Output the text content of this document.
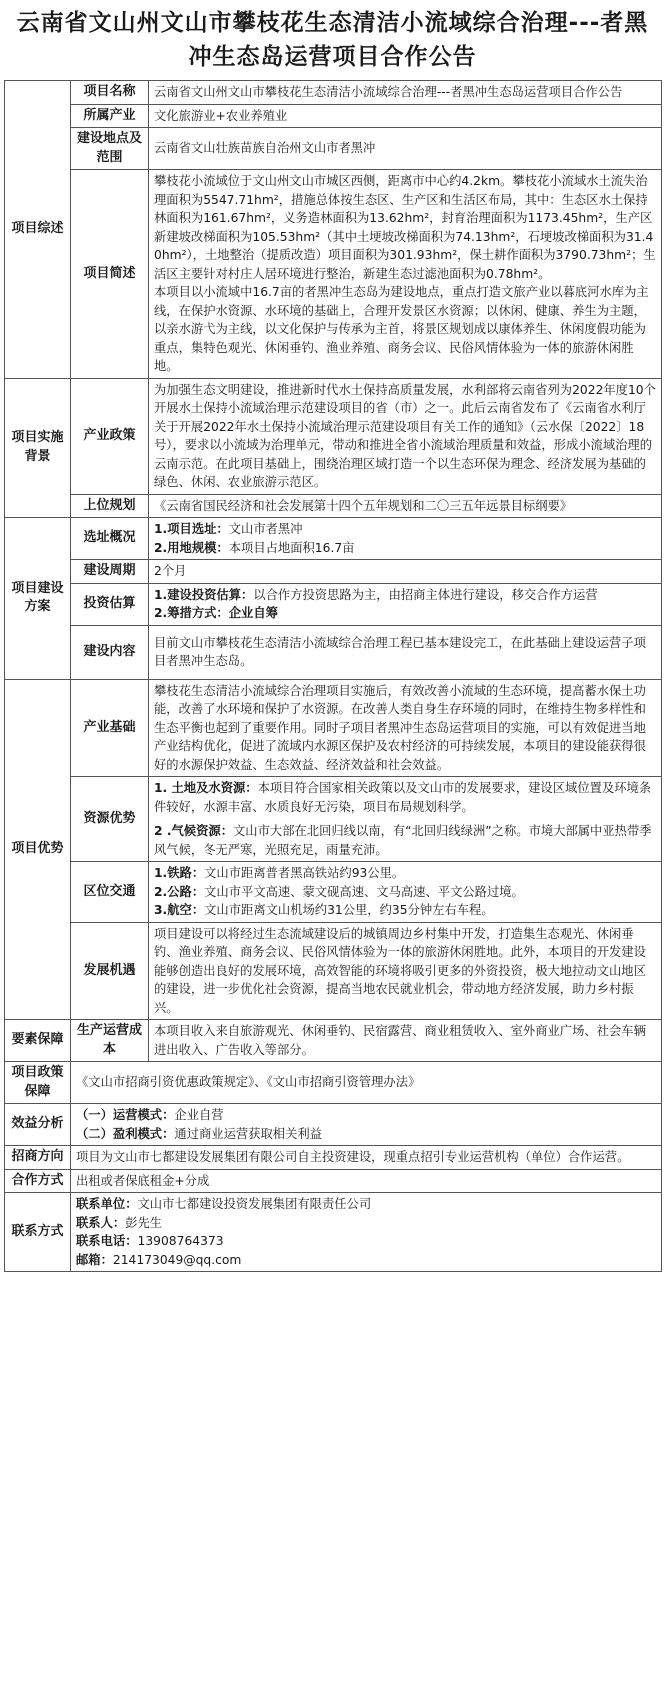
云南省文山州文山市攀枝花生态清洁小流域综合治理---者黑冲生态岛运营项目合作公告
项目综述	项目名称	云南省文山州文山市攀枝花生态清洁小流域综合治理---者黑冲生态岛运营项目合作公告
	所属产业	文化旅游业+农业养殖业
	建设地点及范围	云南省文山壮族苗族自治州文山市者黑冲
	项目简述	攀枝花小流域位于文山州文山市城区西侧，距离市中心约4.2km。攀枝花小流域水土流失治理面积为5547.71hm²，措施总体按生态区、生产区和生活区布局，其中：生态区水土保持林面积为161.67hm²，义务造林面积为13.62hm²，封育治理面积为1173.45hm²，生产区新建坡改梯面积为105.53hm²（其中土埂坡改梯面积为74.13hm²，石埂坡改梯面积为31.40hm²），土地整治（提质改造）项目面积为301.93hm²，保土耕作面积为3790.73hm²；生活区主要针对村庄人居环境进行整治，新建生态过滤池面积为0.78hm²。

本项目以小流域中16.7亩的者黑冲生态岛为建设地点，重点打造文旅产业以暮底河水库为主线，在保护水资源、水环境的基础上，合理开发景区水资源；以休闲、健康、养生为主题，以亲水游弋为主线，以文化保护与传承为主首，将景区规划成以康体养生、休闲度假功能为重点，集特色观光、休闲垂钓、渔业养殖、商务会议、民俗风情体验为一体的旅游休闲胜地。

项目实施背景	产业政策	为加强生态文明建设，推进新时代水土保持高质量发展，水利部将云南省列为2022年度10个开展水土保持小流域治理示范建设项目的省（市）之一。此后云南省发布了《云南省水利厅关于开展2022年水土保持小流域治理示范建设项目有关工作的通知》（云水保〔2022〕18号），要求以小流域为治理单元，带动和推进全省小流域治理质量和效益，形成小流域治理的云南示范。在此项目基础上，围绕治理区域打造一个以生态环保为理念、经济发展为基础的绿色、休闲、农业旅游示范区。
	上位规划	《云南省国民经济和社会发展第十四个五年规划和二〇三五年远景目标纲要》
项目建设方案	选址概况	1.项目选址：文山市者黑冲

2.用地规模：本项目占地面积16.7亩

	建设周期	2个月
	投资估算	1.建设投资估算：以合作方投资思路为主，由招商主体进行建设，移交合作方运营

2.筹措方式：企业自筹

	建设内容	目前文山市攀枝花生态清洁小流域综合治理工程已基本建设完工，在此基础上建设运营子项目者黑冲生态岛。
项目优势	产业基础	攀枝花生态清洁小流域综合治理项目实施后，有效改善小流域的生态环境，提高蓄水保土功能，改善了水环境和保护了水资源。在改善人类自身生存环境的同时，在维持生物多样性和生态平衡也起到了重要作用。同时子项目者黑冲生态岛运营项目的实施，可以有效促进当地产业结构优化，促进了流域内水源区保护及农村经济的可持续发展，本项目的建设能获得很好的水源保护效益、生态效益、经济效益和社会效益。
	资源优势	1. 土地及水资源：本项目符合国家相关政策以及文山市的发展要求，建设区域位置及环境条件较好，水源丰富、水质良好无污染，项目布局规划科学。

2 .气候资源：文山市大部在北回归线以南，有“北回归线绿洲”之称。市境大部属中亚热带季风气候，冬无严寒，光照充足，雨量充沛。

	区位交通	1.铁路：文山市距离普者黑高铁站约93公里。

2.公路：文山市平文高速、蒙文砚高速、文马高速、平文公路过境。

3.航空：文山市距离文山机场约31公里，约35分钟左右车程。

	发展机遇	项目建设可以将经过生态流域建设后的城镇周边乡村集中开发，打造集生态观光、休闲垂钓、渔业养殖、商务会议、民俗风情体验为一体的旅游休闲胜地。此外，本项目的开发建设能够创造出良好的发展环境，高效智能的环境将吸引更多的外资投资，极大地拉动文山地区的建设，进一步优化社会资源，提高当地农民就业机会，带动地方经济发展，助力乡村振兴。
要素保障	生产运营成本	本项目收入来自旅游观光、休闲垂钓、民宿露营、商业租赁收入、室外商业广场、社会车辆进出收入、广告收入等部分。
项目政策保障	《文山市招商引资优惠政策规定》、《文山市招商引资管理办法》	
效益分析	（一）运营模式：企业自营

（二）盈利模式：通过商业运营获取相关利益	

招商方向	项目为文山市七都建设发展集团有限公司自主投资建设，现重点招引专业运营机构（单位）合作运营。	
合作方式	出租或者保底租金+分成	
联系方式	联系单位：文山市七都建设投资发展集团有限责任公司

联系人：彭先生

联系电话：13908764373

邮箱：214173049@qq.com	
